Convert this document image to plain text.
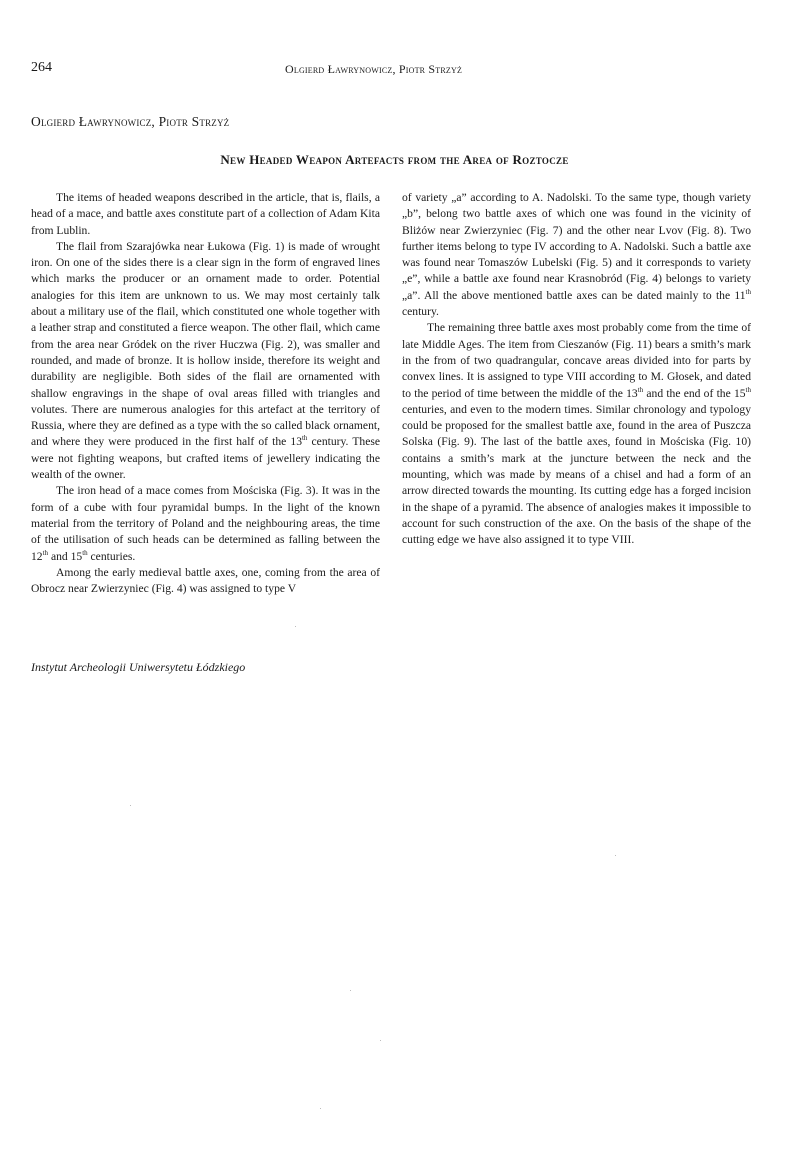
264	Olgierd Ławrynowicz, Piotr Strzyż
Olgierd Ławrynowicz, Piotr Strzyż
New Headed Weapon Artefacts from the Area of Roztocze

The items of headed weapons described in the article, that is, flails, a head of a mace, and battle axes constitute part of a collection of Adam Kita from Lublin.

The flail from Szarajówka near Łukowa (Fig. 1) is made of wrought iron. On one of the sides there is a clear sign in the form of engraved lines which marks the producer or an ornament made to order. Potential analogies for this item are unknown to us. We may most certainly talk about a military use of the flail, which constituted one whole together with a leather strap and constituted a fierce weapon. The other flail, which came from the area near Gródek on the river Huczwa (Fig. 2), was smaller and rounded, and made of bronze. It is hollow inside, therefore its weight and durability are negligible. Both sides of the flail are ornamented with shallow engravings in the shape of oval areas filled with triangles and volutes. There are numerous analogies for this artefact at the territory of Russia, where they are defined as a type with the so called black ornament, and where they were produced in the first half of the 13th century. These were not fighting weapons, but crafted items of jewellery indicating the wealth of the owner.

The iron head of a mace comes from Mościska (Fig. 3). It was in the form of a cube with four pyramidal bumps. In the light of the known material from the territory of Poland and the neighbouring areas, the time of the utilisation of such heads can be determined as falling between the 12th and 15th centuries.

Among the early medieval battle axes, one, coming from the area of Obrocz near Zwierzyniec (Fig. 4) was assigned to type V

of variety „a” according to A. Nadolski. To the same type, though variety „b”, belong two battle axes of which one was found in the vicinity of Bliżów near Zwierzyniec (Fig. 7) and the other near Lvov (Fig. 8). Two further items belong to type IV according to A. Nadolski. Such a battle axe was found near Tomaszów Lubelski (Fig. 5) and it corresponds to variety „e”, while a battle axe found near Krasnobród (Fig. 4) belongs to variety „a”. All the above mentioned battle axes can be dated mainly to the 11th century.

The remaining three battle axes most probably come from the time of late Middle Ages. The item from Cieszanów (Fig. 11) bears a smith’s mark in the from of two quadrangular, concave areas divided into for parts by convex lines. It is assigned to type VIII according to M. Głosek, and dated to the period of time between the middle of the 13th and the end of the 15th centuries, and even to the modern times. Similar chronology and typology could be proposed for the smallest battle axe, found in the area of Puszcza Solska (Fig. 9). The last of the battle axes, found in Mościska (Fig. 10) contains a smith’s mark at the juncture between the neck and the mounting, which was made by means of a chisel and had a form of an arrow directed towards the mounting. Its cutting edge has a forged incision in the shape of a pyramid. The absence of analogies makes it impossible to account for such construction of the axe. On the basis of the shape of the cutting edge we have also assigned it to type VIII.

Instytut Archeologii Uniwersytetu Łódzkiego
